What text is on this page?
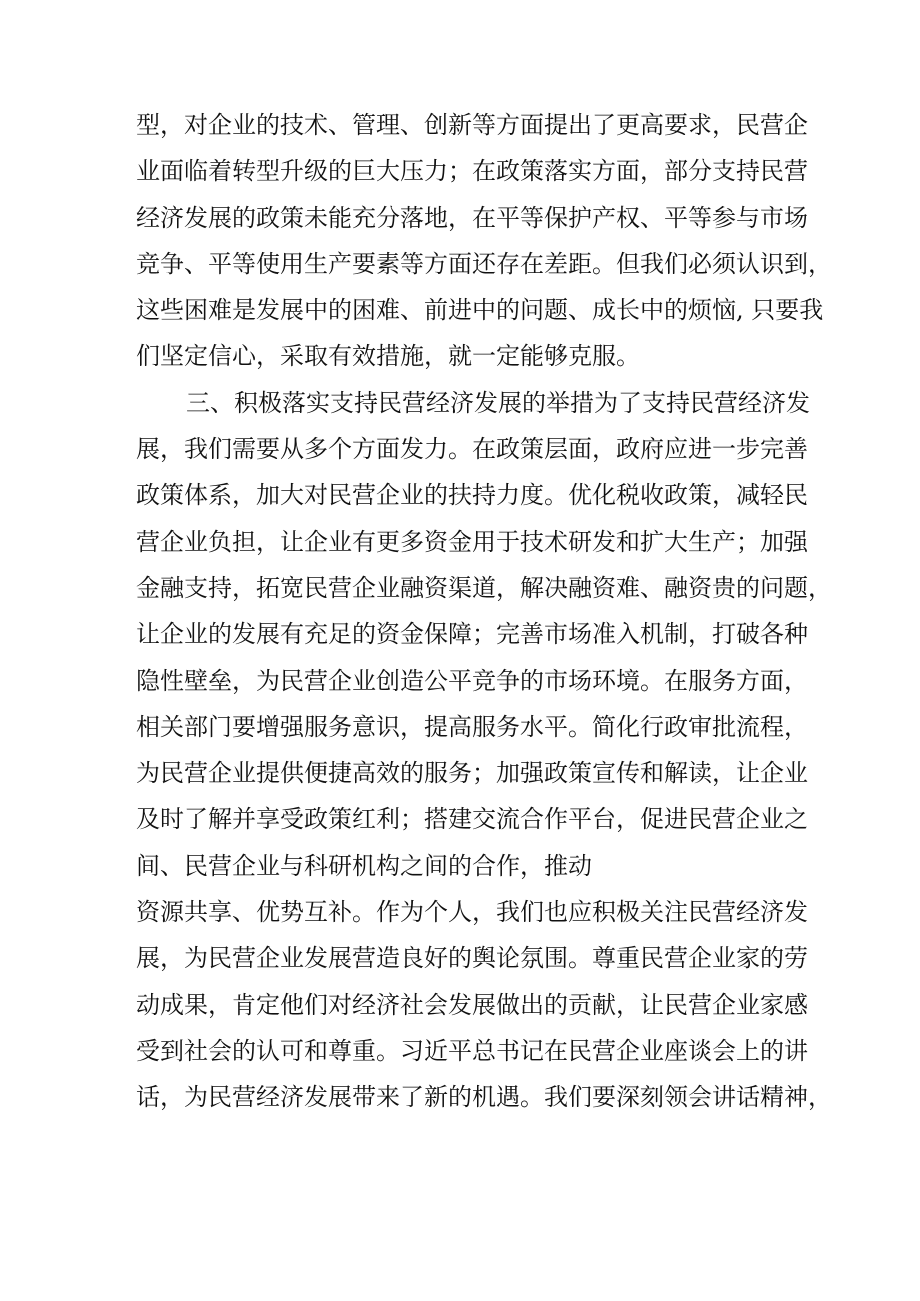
型，对企业的技术、管理、创新等方面提出了更高要求，民营企
业面临着转型升级的巨大压力；在政策落实方面，部分支持民营
经济发展的政策未能充分落地，在平等保护产权、平等参与市场
竞争、平等使用生产要素等方面还存在差距。但我们必须认识到，
这些困难是发展中的困难、前进中的问题、成长中的烦恼, 只要我
们坚定信心，采取有效措施，就一定能够克服。
三、积极落实支持民营经济发展的举措为了支持民营经济发
展，我们需要从多个方面发力。在政策层面，政府应进一步完善
政策体系，加大对民营企业的扶持力度。优化税收政策，减轻民
营企业负担，让企业有更多资金用于技术研发和扩大生产；加强
金融支持，拓宽民营企业融资渠道，解决融资难、融资贵的问题，
让企业的发展有充足的资金保障；完善市场准入机制，打破各种
隐性壁垒，为民营企业创造公平竞争的市场环境。在服务方面，
相关部门要增强服务意识，提高服务水平。简化行政审批流程，
为民营企业提供便捷高效的服务；加强政策宣传和解读，让企业
及时了解并享受政策红利；搭建交流合作平台，促进民营企业之
间、民营企业与科研机构之间的合作，推动
资源共享、优势互补。作为个人，我们也应积极关注民营经济发
展，为民营企业发展营造良好的舆论氛围。尊重民营企业家的劳
动成果，肯定他们对经济社会发展做出的贡献，让民营企业家感
受到社会的认可和尊重。习近平总书记在民营企业座谈会上的讲
话，为民营经济发展带来了新的机遇。我们要深刻领会讲话精神，
